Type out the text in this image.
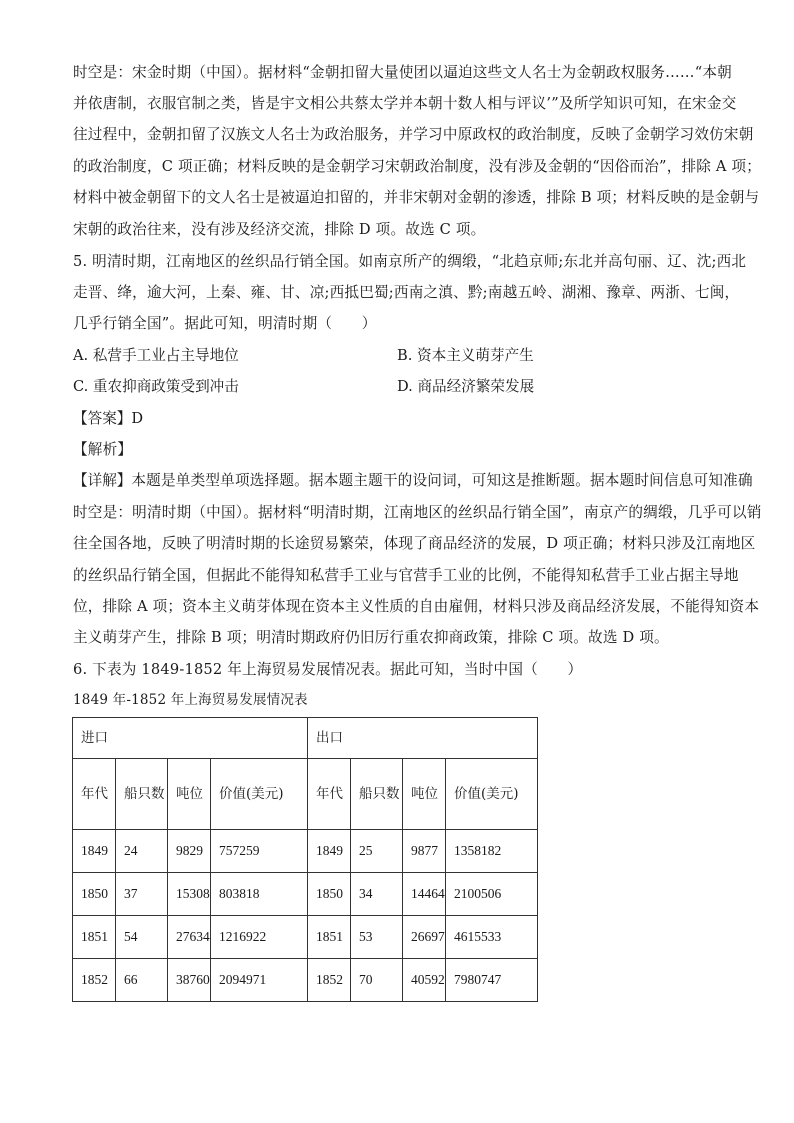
时空是：宋金时期（中国）。据材料“金朝扣留大量使团以逼迫这些文人名士为金朝政权服务……“本朝
并依唐制，衣服官制之类，皆是宇文相公共蔡太学并本朝十数人相与评议’”及所学知识可知，在宋金交
往过程中，金朝扣留了汉族文人名士为政治服务，并学习中原政权的政治制度，反映了金朝学习效仿宋朝
的政治制度，C 项正确；材料反映的是金朝学习宋朝政治制度，没有涉及金朝的“因俗而治”，排除 A 项；
材料中被金朝留下的文人名士是被逼迫扣留的，并非宋朝对金朝的渗透，排除 B 项；材料反映的是金朝与
宋朝的政治往来，没有涉及经济交流，排除 D 项。故选 C 项。
5. 明清时期，江南地区的丝织品行销全国。如南京所产的绸缎，“北趋京师;东北并高句丽、辽、沈;西北
走晋、绛，逾大河，上秦、雍、甘、凉;西抵巴蜀;西南之滇、黔;南越五岭、湖湘、豫章、两浙、七闽，
几乎行销全国”。据此可知，明清时期（　　）
A. 私营手工业占主导地位	B. 资本主义萌芽产生
C. 重农抑商政策受到冲击	D. 商品经济繁荣发展
【答案】D
【解析】
【详解】本题是单类型单项选择题。据本题主题干的设问词，可知这是推断题。据本题时间信息可知准确
时空是：明清时期（中国）。据材料“明清时期，江南地区的丝织品行销全国”，南京产的绸缎，几乎可以销
往全国各地，反映了明清时期的长途贸易繁荣，体现了商品经济的发展，D 项正确；材料只涉及江南地区
的丝织品行销全国，但据此不能得知私营手工业与官营手工业的比例，不能得知私营手工业占据主导地
位，排除 A 项；资本主义萌芽体现在资本主义性质的自由雇佣，材料只涉及商品经济发展，不能得知资本
主义萌芽产生，排除 B 项；明清时期政府仍旧厉行重农抑商政策，排除 C 项。故选 D 项。
6. 下表为 1849-1852 年上海贸易发展情况表。据此可知，当时中国（　　）
1849 年-1852 年上海贸易发展情况表
进口				出口			
年代	船只数	吨位	价值(美元)	年代	船只数	吨位	价值(美元)
1849	24	9829	757259	1849	25	9877	1358182
1850	37	15308	803818	1850	34	14464	2100506
1851	54	27634	1216922	1851	53	26697	4615533
1852	66	38760	2094971	1852	70	40592	7980747
